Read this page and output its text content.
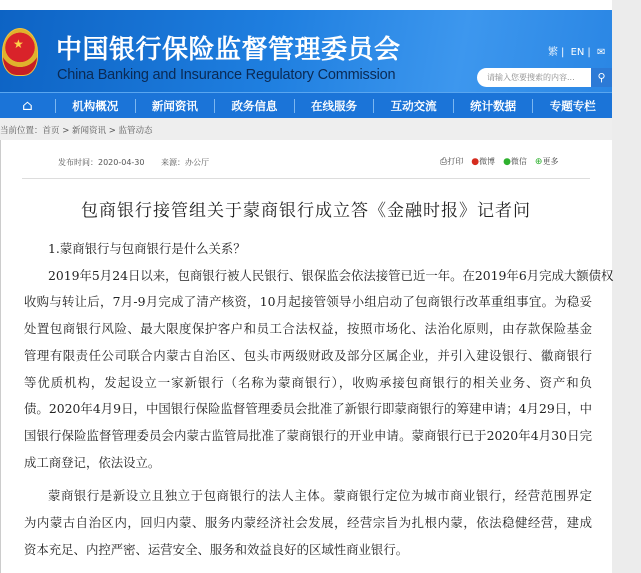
★ 中国银行保险监督管理委员会
China Banking and Insurance Regulatory Commission
繁 | EN | ✉
请输入您要搜索的内容...	⚲
⌂	机构概况	新闻资讯	政务信息	在线服务	互动交流	统计数据	专题专栏
当前位置：首页 > 新闻资讯 > 监管动态
发布时间：2020-04-30 来源：办公厅	⎙打印 ●微博 ●微信 ⊕更多
包商银行接管组关于蒙商银行成立答《金融时报》记者问
1.蒙商银行与包商银行是什么关系？
2019年5月24日以来，包商银行被人民银行、银保监会依法接管已近一年。在2019年6月完成大额债权
收购与转让后，7月-9月完成了清产核资，10月起接管领导小组启动了包商银行改革重组事宜。为稳妥
处置包商银行风险、最大限度保护客户和员工合法权益，按照市场化、法治化原则，由存款保险基金
管理有限责任公司联合内蒙古自治区、包头市两级财政及部分区属企业，并引入建设银行、徽商银行
等优质机构，发起设立一家新银行（名称为蒙商银行），收购承接包商银行的相关业务、资产和负
债。2020年4月9日，中国银行保险监督管理委员会批准了新银行即蒙商银行的筹建申请；4月29日，中
国银行保险监督管理委员会内蒙古监管局批准了蒙商银行的开业申请。蒙商银行已于2020年4月30日完
成工商登记，依法设立。
蒙商银行是新设立且独立于包商银行的法人主体。蒙商银行定位为城市商业银行，经营范围界定
为内蒙古自治区内，回归内蒙、服务内蒙经济社会发展，经营宗旨为扎根内蒙，依法稳健经营，建成
资本充足、内控严密、运营安全、服务和效益良好的区域性商业银行。
